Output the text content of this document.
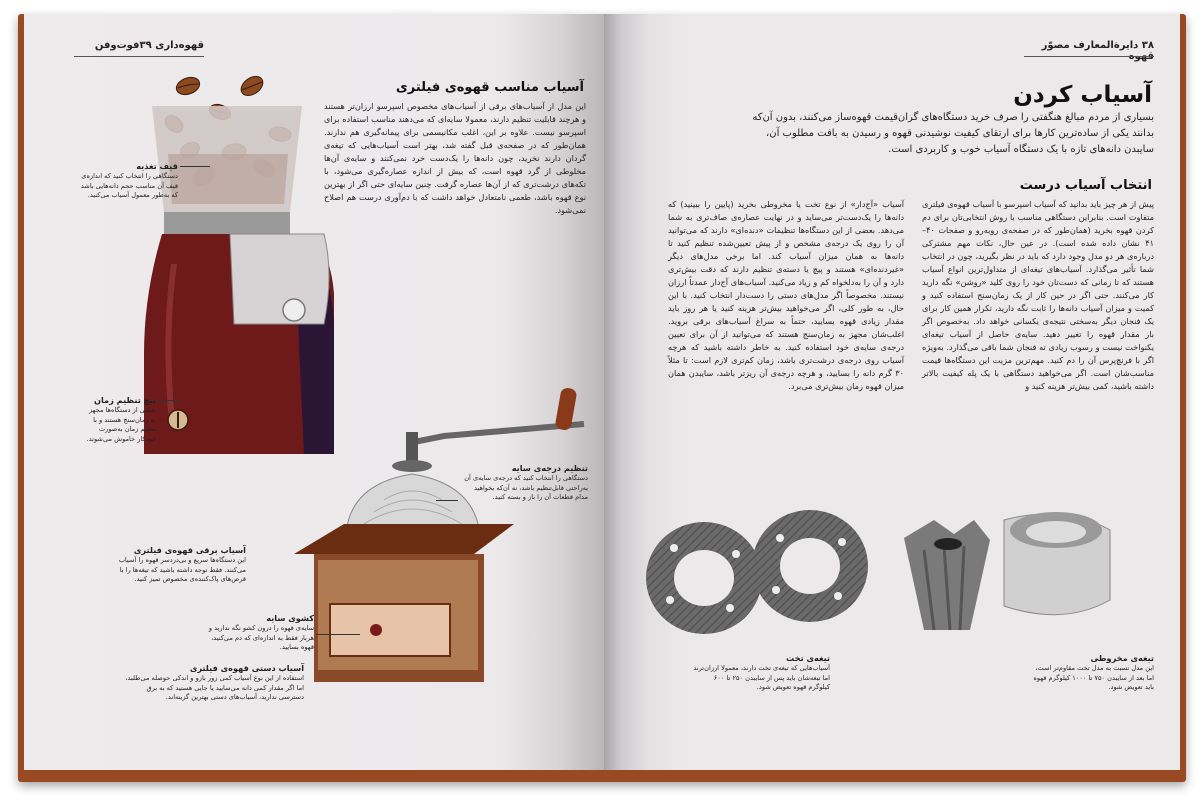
قهوه‌داری ۳۹فوت‌وفن
آسیاب مناسب قهوه‌ی فیلتری
این مدل از آسیاب‌های برقی از آسیاب‌های مخصوص اسپرسو ارزان‌تر هستند و هرچند قابلیت تنظیم دارند، معمولا سایه‌ای که می‌دهند مناسب استفاده برای اسپرسو نیست. علاوه بر این، اغلب مکانیسمی برای پیمانه‌گیری هم ندارند. همان‌طور که در صفحه‌ی قبل گفته شد، بهتر است آسیاب‌هایی که تیغه‌ی گردان دارند نخرید، چون دانه‌ها را یک‌دست خرد نمی‌کنند و سایه‌ی آن‌ها مخلوطی از گرد قهوه است، که بیش از اندازه عصاره‌گیری می‌شود، با تکه‌های درشت‌تری که از آن‌ها عصاره گرفت. چنین سایه‌ای حتی اگر از بهترین نوع قهوه باشد، طعمی نامتعادل خواهد داشت که با دم‌آوری درست هم اصلاح نمی‌شود.
قیف تغذیه
دستگاهی را انتخاب کنید که اندازه‌ی قیف آن مناسب حجم دانه‌هایی باشد که به‌طور معمول آسیاب می‌کنید.
پیچ تنظیم زمان
بعضی از دستگاه‌ها مجهز به زمان‌سنج هستند و با تنظیم زمان به‌صورت خودکار خاموش می‌شوند.
تنظیم درجه‌ی سایه
دستگاهی را انتخاب کنید که درجه‌ی سایه‌ی آن به‌راحتی قابل‌تنظیم باشد، نه آن‌که بخواهید مدام قطعات آن را باز و بسته کنید.
کشوی سایه
سایه‌ی قهوه را درون کشو نگه ندارید و هربار فقط به اندازه‌ای که دم می‌کنید، قهوه بسایید.
آسیاب برقی قهوه‌ی فیلتری
این دستگاه‌ها سریع و بی‌دردسر قهوه را آسیاب می‌کنند. فقط توجه داشته باشید که تیغه‌ها را با قرص‌های پاک‌کننده‌ی مخصوص تمیز کنید.
آسیاب دستی قهوه‌ی فیلتری
استفاده از این نوع آسیاب کمی زور بازو و اندکی حوصله می‌طلبد، اما اگر مقدار کمی دانه می‌سایید یا جایی هستید که به برق دسترسی ندارید، آسیاب‌های دستی بهترین گزینه‌اند.
۳۸ دایرةالمعارف مصوّر
آسیاب کردن
بسیاری از مردم مبالغ هنگفتی را صرف خرید دستگاه‌های گران‌قیمت قهوه‌ساز می‌کنند، بدون آن‌که بدانند یکی از ساده‌ترین کارها برای ارتقای کیفیت نوشیدنی قهوه و رسیدن به بافت مطلوب آن، سایبدن دانه‌های تازه با یک دستگاه آسیاب خوب و کاربردی است.
انتخاب آسیاب درست
پیش از هر چیز باید بدانید که آسیاب اسپرسو با آسیاب قهوه‌ی فیلتری متفاوت است. بنابراین دستگاهی مناسب با روش انتخابی‌تان برای دم کردن قهوه بخرید (همان‌طور که در صفحه‌ی روبه‌رو و صفحات ۴۰–۴۱ نشان داده شده است). در عین حال، نکات مهم مشترکی درباره‌ی هر دو مدل وجود دارد که باید در نظر بگیرید، چون در انتخاب شما تأثیر می‌گذارد. آسیاب‌های تیغه‌ای از متداول‌ترین انواع آسیاب هستند که تا زمانی که دست‌تان خود را روی کلید «روشن» نگه دارید کار می‌کنند. حتی اگر در حین کار از یک زمان‌سنج استفاده کنید و کمیت و میزان آسیاب دانه‌ها را ثابت نگه دارید، تکرار همین کار برای یک فنجان دیگر به‌سختی نتیجه‌ی یکسانی خواهد داد. به‌خصوص اگر بار مقدار قهوه را تغییر دهید. سایه‌ی حاصل از آسیاب تیغه‌ای یکنواخت نیست و رسوب زیادی ته فنجان شما باقی می‌گذارد. به‌ویژه اگر با فرنچ‌پرس آن را دم کنید. مهم‌ترین مزیت این دستگاه‌ها قیمت مناسب‌شان است. اگر می‌خواهید دستگاهی با یک پله کیفیت بالاتر داشته باشید، کمی بیش‌تر هزینه کنید و
آسیاب «آج‌دار» از نوع تخت یا مخروطی بخرید (پایین را ببینید) که دانه‌ها را یک‌دست‌تر می‌ساید و در نهایت عصاره‌ی صاف‌تری به شما می‌دهد. بعضی از این دستگاه‌ها تنظیمات «دنده‌ای» دارند که می‌توانید آن را روی یک درجه‌ی مشخص و از پیش تعیین‌شده تنظیم کنید تا دانه‌ها به همان میزان آسیاب کند. اما برخی مدل‌های دیگر «غیردنده‌ای» هستند و پیچ یا دسته‌ی تنظیم دارند که دقت بیش‌تری دارد و آن را به‌دلخواه کم و زیاد می‌کنید. آسیاب‌های آج‌دار عمدتاً ارزان نیستند. مخصوصاً اگر مدل‌های دستی را دست‌دار انتخاب کنید. با این حال، به طور کلی، اگر می‌خواهید بیش‌تر هزینه کنید یا هر روز باید مقدار زیادی قهوه بسایید، حتماً به سراغ آسیاب‌های برقی بروید. اغلب‌شان مجهز به زمان‌سنج هستند که می‌توانید از آن برای تعیین درجه‌ی سایه‌ی خود استفاده کنید. به خاطر داشته باشید که هرچه آسیاب روی درجه‌ی درشت‌تری باشد، زمان کم‌تری لازم است: تا مثلاً ۳۰ گرم دانه را بسایید، و هرچه درجه‌ی آن ریزتر باشد، سایبدن همان میزان قهوه زمان بیش‌تری می‌برد.
تیغه‌ی تخت
آسیاب‌هایی که تیغه‌ی تخت دارند، معمولا ارزان‌ترند اما تیغه‌شان باید پس از سایبدن ۲۵۰ تا ۶۰۰ کیلوگرم قهوه تعویض شود.
تیغه‌ی مخروطی
این مدل نسبت به مدل تخت مقاوم‌تر است، اما بعد از سایبدن ۷۵۰ تا ۱۰۰۰ کیلوگرم قهوه باید تعویض شود.
